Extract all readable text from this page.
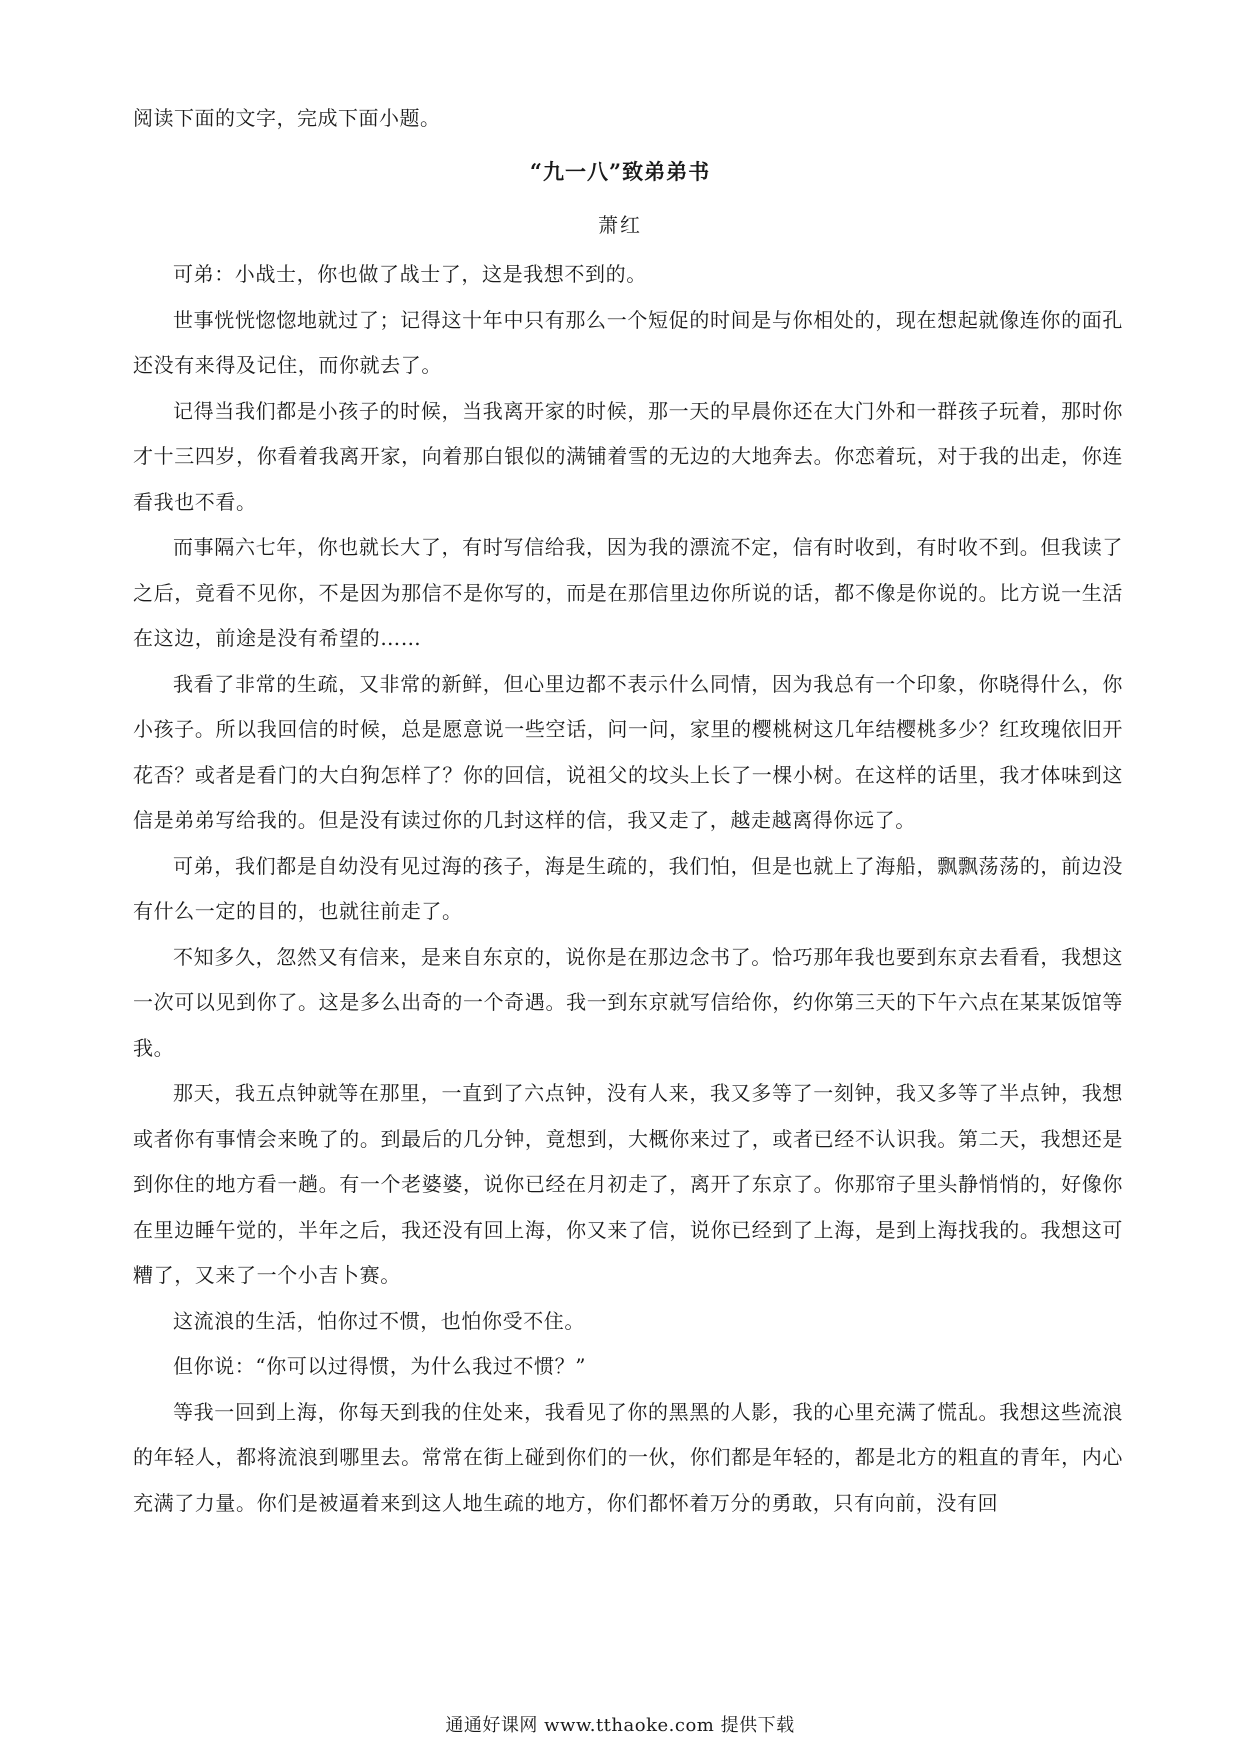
阅读下面的文字，完成下面小题。
“九一八”致弟弟书
萧红

可弟：小战士，你也做了战士了，这是我想不到的。

世事恍恍惚惚地就过了；记得这十年中只有那么一个短促的时间是与你相处的，现在想起就像连你的面孔还没有来得及记住，而你就去了。

记得当我们都是小孩子的时候，当我离开家的时候，那一天的早晨你还在大门外和一群孩子玩着，那时你才十三四岁，你看着我离开家，向着那白银似的满铺着雪的无边的大地奔去。你恋着玩，对于我的出走，你连看我也不看。

而事隔六七年，你也就长大了，有时写信给我，因为我的漂流不定，信有时收到，有时收不到。但我读了之后，竟看不见你，不是因为那信不是你写的，而是在那信里边你所说的话，都不像是你说的。比方说一生活在这边，前途是没有希望的……

我看了非常的生疏，又非常的新鲜，但心里边都不表示什么同情，因为我总有一个印象，你晓得什么，你小孩子。所以我回信的时候，总是愿意说一些空话，问一问，家里的樱桃树这几年结樱桃多少？红玫瑰依旧开花否？或者是看门的大白狗怎样了？你的回信，说祖父的坟头上长了一棵小树。在这样的话里，我才体味到这信是弟弟写给我的。但是没有读过你的几封这样的信，我又走了，越走越离得你远了。

可弟，我们都是自幼没有见过海的孩子，海是生疏的，我们怕，但是也就上了海船，飘飘荡荡的，前边没有什么一定的目的，也就往前走了。

不知多久，忽然又有信来，是来自东京的，说你是在那边念书了。恰巧那年我也要到东京去看看，我想这一次可以见到你了。这是多么出奇的一个奇遇。我一到东京就写信给你，约你第三天的下午六点在某某饭馆等我。

那天，我五点钟就等在那里，一直到了六点钟，没有人来，我又多等了一刻钟，我又多等了半点钟，我想或者你有事情会来晚了的。到最后的几分钟，竟想到，大概你来过了，或者已经不认识我。第二天，我想还是到你住的地方看一趟。有一个老婆婆，说你已经在月初走了，离开了东京了。你那帘子里头静悄悄的，好像你在里边睡午觉的，半年之后，我还没有回上海，你又来了信，说你已经到了上海，是到上海找我的。我想这可糟了，又来了一个小吉卜赛。

这流浪的生活，怕你过不惯，也怕你受不住。

但你说：“你可以过得惯，为什么我过不惯？”

等我一回到上海，你每天到我的住处来，我看见了你的黑黑的人影，我的心里充满了慌乱。我想这些流浪的年轻人，都将流浪到哪里去。常常在街上碰到你们的一伙，你们都是年轻的，都是北方的粗直的青年，内心充满了力量。你们是被逼着来到这人地生疏的地方，你们都怀着万分的勇敢，只有向前，没有回

通通好课网 www.tthaoke.com 提供下载
